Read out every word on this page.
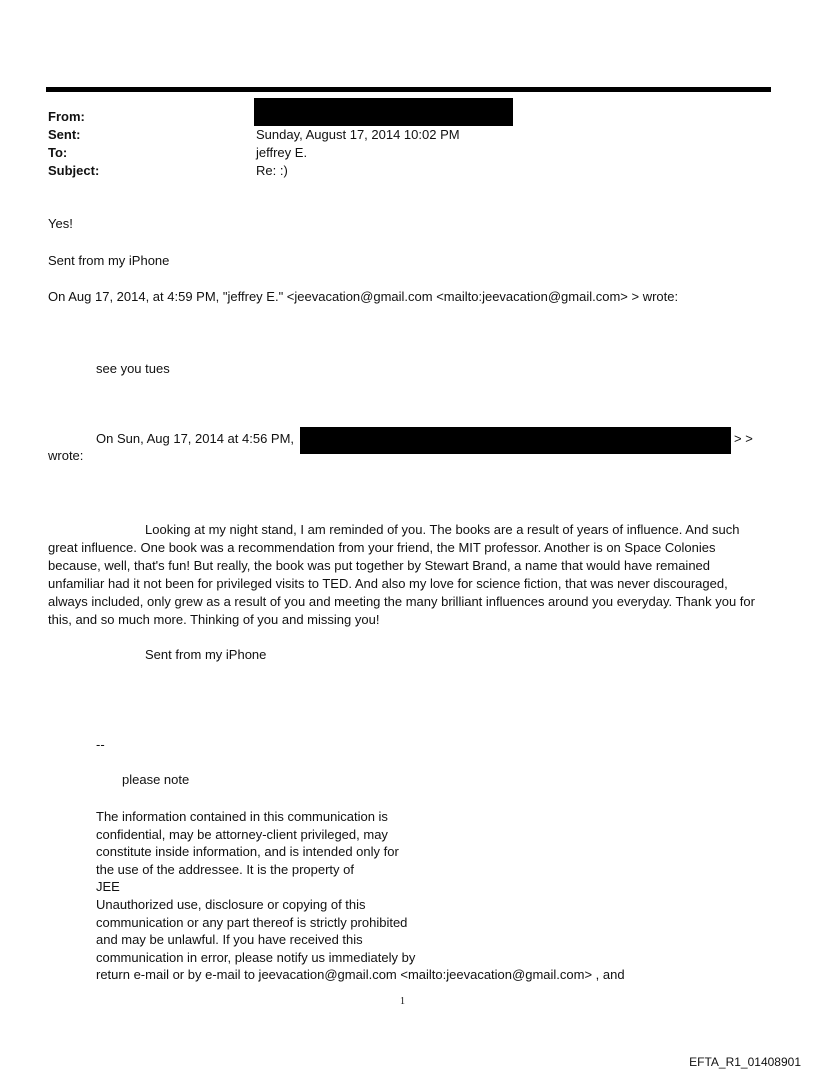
From:
Sent:	Sunday, August 17, 2014 10:02 PM
To:	jeffrey E.
Subject:	Re: :)
Yes!
Sent from my iPhone
On Aug 17, 2014, at 4:59 PM, "jeffrey E." <jeevacation@gmail.com <mailto:jeevacation@gmail.com> > wrote:
see you tues
On Sun, Aug 17, 2014 at 4:56 PM,	> >
wrote:
Looking at my night stand, I am reminded of you. The books are a result of years of influence. And such great influence. One book was a recommendation from your friend, the MIT professor. Another is on Space Colonies because, well, that's fun! But really, the book was put together by Stewart Brand, a name that would have remained unfamiliar had it not been for privileged visits to TED. And also my love for science fiction, that was never discouraged, always included, only grew as a result of you and meeting the many brilliant influences around you everyday. Thank you for this, and so much more. Thinking of you and missing you!
Sent from my iPhone
--
please note
The information contained in this communication is
confidential, may be attorney-client privileged, may
constitute inside information, and is intended only for
the use of the addressee. It is the property of
JEE
Unauthorized use, disclosure or copying of this
communication or any part thereof is strictly prohibited
and may be unlawful. If you have received this
communication in error, please notify us immediately by
return e-mail or by e-mail to jeevacation@gmail.com <mailto:jeevacation@gmail.com> , and
1
EFTA_R1_01408901
